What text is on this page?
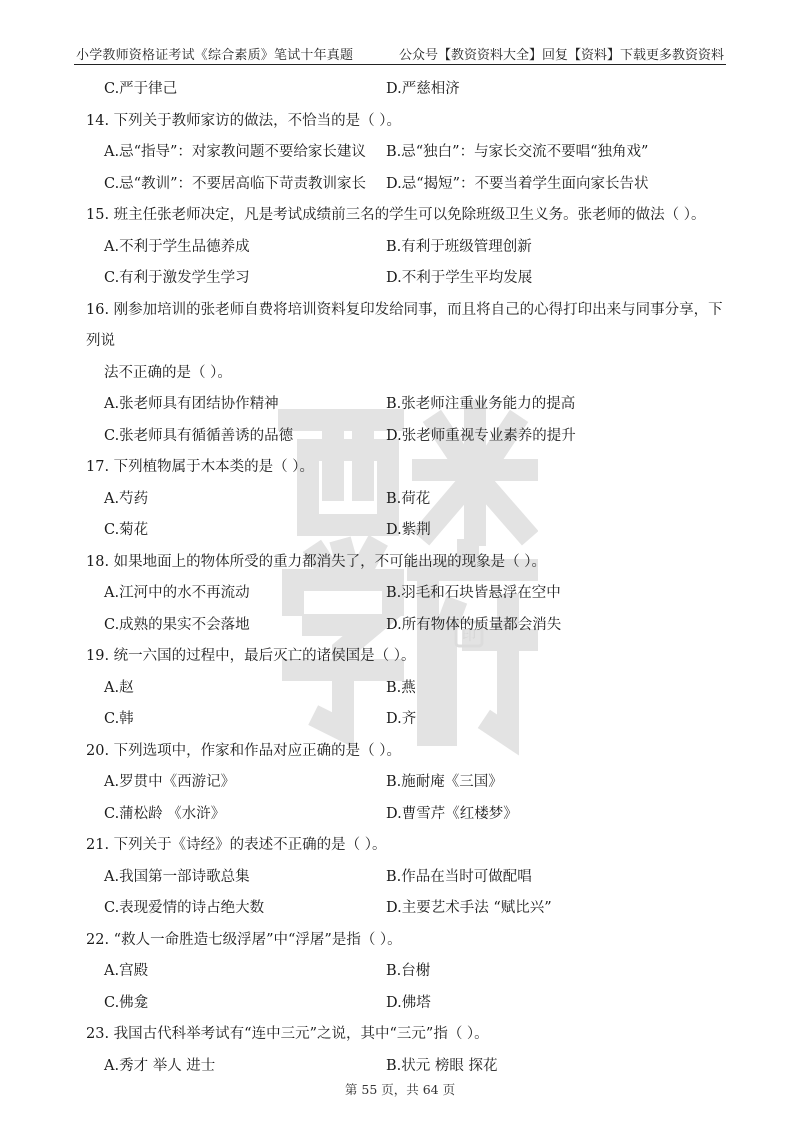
小学教师资格证考试《综合素质》笔试十年真题	公众号【教资资料大全】回复【资料】下载更多教资资料
印
C.严于律己	D.严慈相济
14. 下列关于教师家访的做法，不恰当的是（ ）。
A.忌“指导”：对家教问题不要给家长建议	B.忌“独白”：与家长交流不要唱“独角戏”
C.忌“教训”：不要居高临下苛责教训家长	D.忌“揭短”：不要当着学生面向家长告状
15. 班主任张老师决定，凡是考试成绩前三名的学生可以免除班级卫生义务。张老师的做法（ ）。
A.不利于学生品德养成	B.有利于班级管理创新
C.有利于激发学生学习	D.不利于学生平均发展
16. 刚参加培训的张老师自费将培训资料复印发给同事，而且将自己的心得打印出来与同事分享，下列说
法不正确的是（ ）。
A.张老师具有团结协作精神	B.张老师注重业务能力的提高
C.张老师具有循循善诱的品德	D.张老师重视专业素养的提升
17. 下列植物属于木本类的是（ ）。
A.芍药	B.荷花
C.菊花	D.紫荆
18. 如果地面上的物体所受的重力都消失了，不可能出现的现象是（ ）。
A.江河中的水不再流动	B.羽毛和石块皆悬浮在空中
C.成熟的果实不会落地	D.所有物体的质量都会消失
19. 统一六国的过程中，最后灭亡的诸侯国是（ ）。
A.赵	B.燕
C.韩	D.齐
20. 下列选项中，作家和作品对应正确的是（ ）。
A.罗贯中《西游记》	B.施耐庵《三国》
C.蒲松龄 《水浒》	D.曹雪芹《红楼梦》
21. 下列关于《诗经》的表述不正确的是（ ）。
A.我国第一部诗歌总集	B.作品在当时可做配唱
C.表现爱情的诗占绝大数	D.主要艺术手法 “赋比兴”
22. “救人一命胜造七级浮屠”中“浮屠”是指（ ）。
A.宫殿	B.台榭
C.佛龛	D.佛塔
23. 我国古代科举考试有“连中三元”之说，其中“三元”指（ ）。
A.秀才 举人 进士	B.状元 榜眼 探花
第 55 页，共 64 页
